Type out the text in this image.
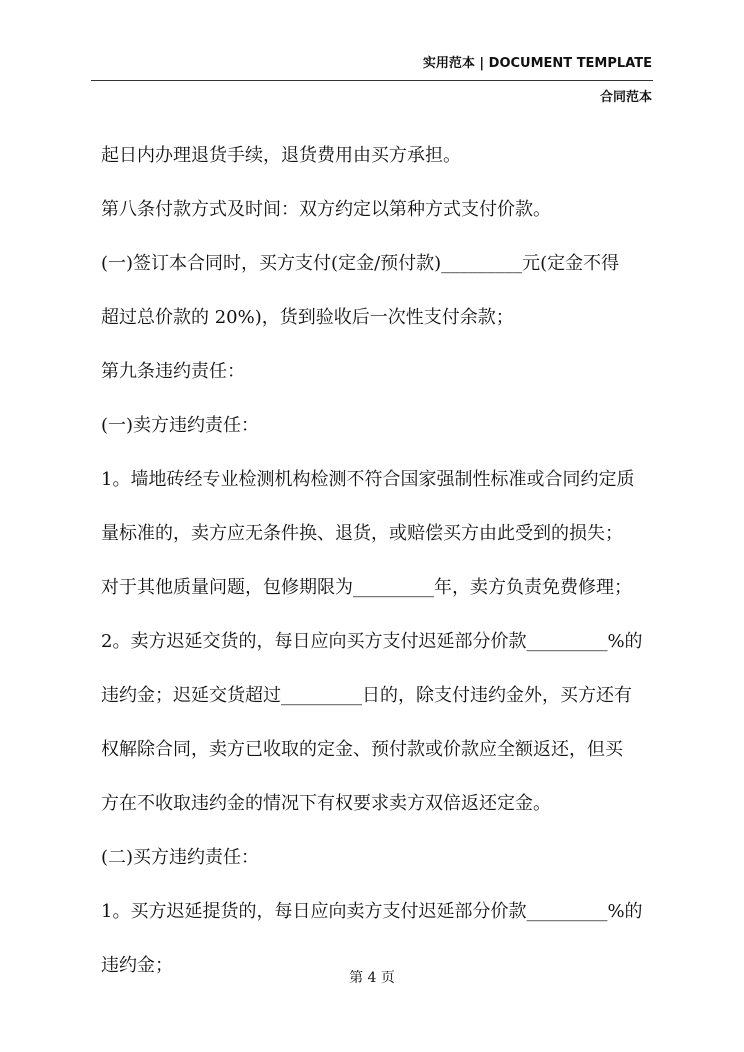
实用范本 | DOCUMENT TEMPLATE
合同范本
起日内办理退货手续，退货费用由买方承担。
第八条付款方式及时间：双方约定以第种方式支付价款。
(一)签订本合同时，买方支付(定金/预付款)_________元(定金不得
超过总价款的 20%)，货到验收后一次性支付余款；
第九条违约责任：
(一)卖方违约责任：
1。墙地砖经专业检测机构检测不符合国家强制性标准或合同约定质
量标准的，卖方应无条件换、退货，或赔偿买方由此受到的损失；
对于其他质量问题，包修期限为_________年，卖方负责免费修理；
2。卖方迟延交货的，每日应向买方支付迟延部分价款_________%的
违约金；迟延交货超过_________日的，除支付违约金外，买方还有
权解除合同，卖方已收取的定金、预付款或价款应全额返还，但买
方在不收取违约金的情况下有权要求卖方双倍返还定金。
(二)买方违约责任：
1。买方迟延提货的，每日应向卖方支付迟延部分价款_________%的
违约金；
第 4 页
